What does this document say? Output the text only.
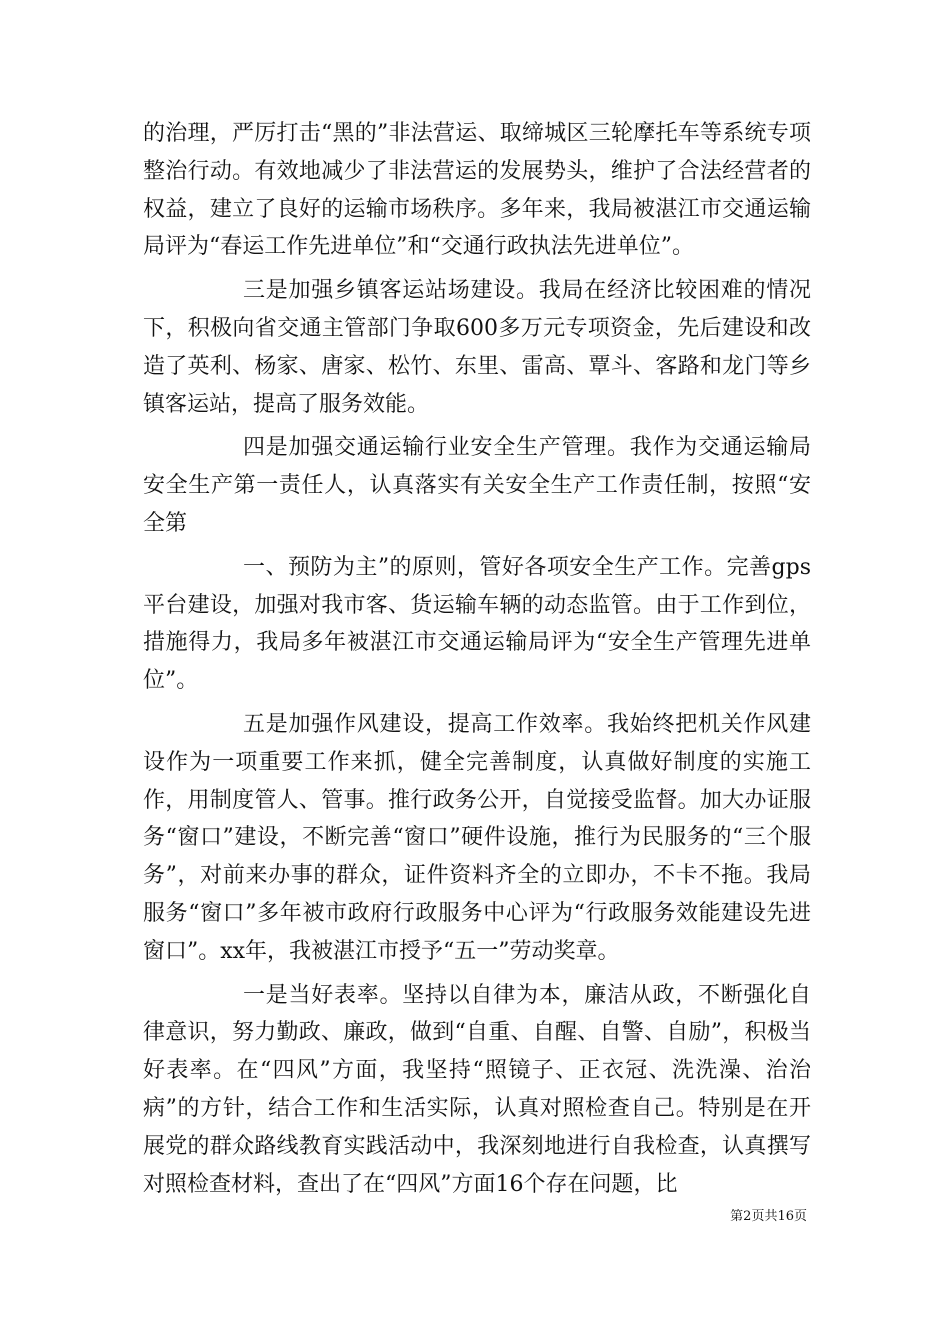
的治理，严厉打击“黑的”非法营运、取缔城区三轮摩托车等系统专项整治行动。有效地减少了非法营运的发展势头，维护了合法经营者的权益，建立了良好的运输市场秩序。多年来，我局被湛江市交通运输局评为“春运工作先进单位”和“交通行政执法先进单位”。

三是加强乡镇客运站场建设。我局在经济比较困难的情况下，积极向省交通主管部门争取600多万元专项资金，先后建设和改造了英利、杨家、唐家、松竹、东里、雷高、覃斗、客路和龙门等乡镇客运站，提高了服务效能。

四是加强交通运输行业安全生产管理。我作为交通运输局安全生产第一责任人，认真落实有关安全生产工作责任制，按照“安全第

一、预防为主”的原则，管好各项安全生产工作。完善gps平台建设，加强对我市客、货运输车辆的动态监管。由于工作到位，措施得力，我局多年被湛江市交通运输局评为“安全生产管理先进单位”。

五是加强作风建设，提高工作效率。我始终把机关作风建设作为一项重要工作来抓，健全完善制度，认真做好制度的实施工作，用制度管人、管事。推行政务公开，自觉接受监督。加大办证服务“窗口”建设，不断完善“窗口”硬件设施，推行为民服务的“三个服务”，对前来办事的群众，证件资料齐全的立即办，不卡不拖。我局服务“窗口”多年被市政府行政服务中心评为“行政服务效能建设先进窗口”。xx年，我被湛江市授予“五一”劳动奖章。

一是当好表率。坚持以自律为本，廉洁从政，不断强化自律意识，努力勤政、廉政，做到“自重、自醒、自警、自励”，积极当好表率。在“四风”方面，我坚持“照镜子、正衣冠、洗洗澡、治治病”的方针，结合工作和生活实际，认真对照检查自己。特别是在开展党的群众路线教育实践活动中，我深刻地进行自我检查，认真撰写对照检查材料，查出了在“四风”方面16个存在问题，比

第2页共16页
